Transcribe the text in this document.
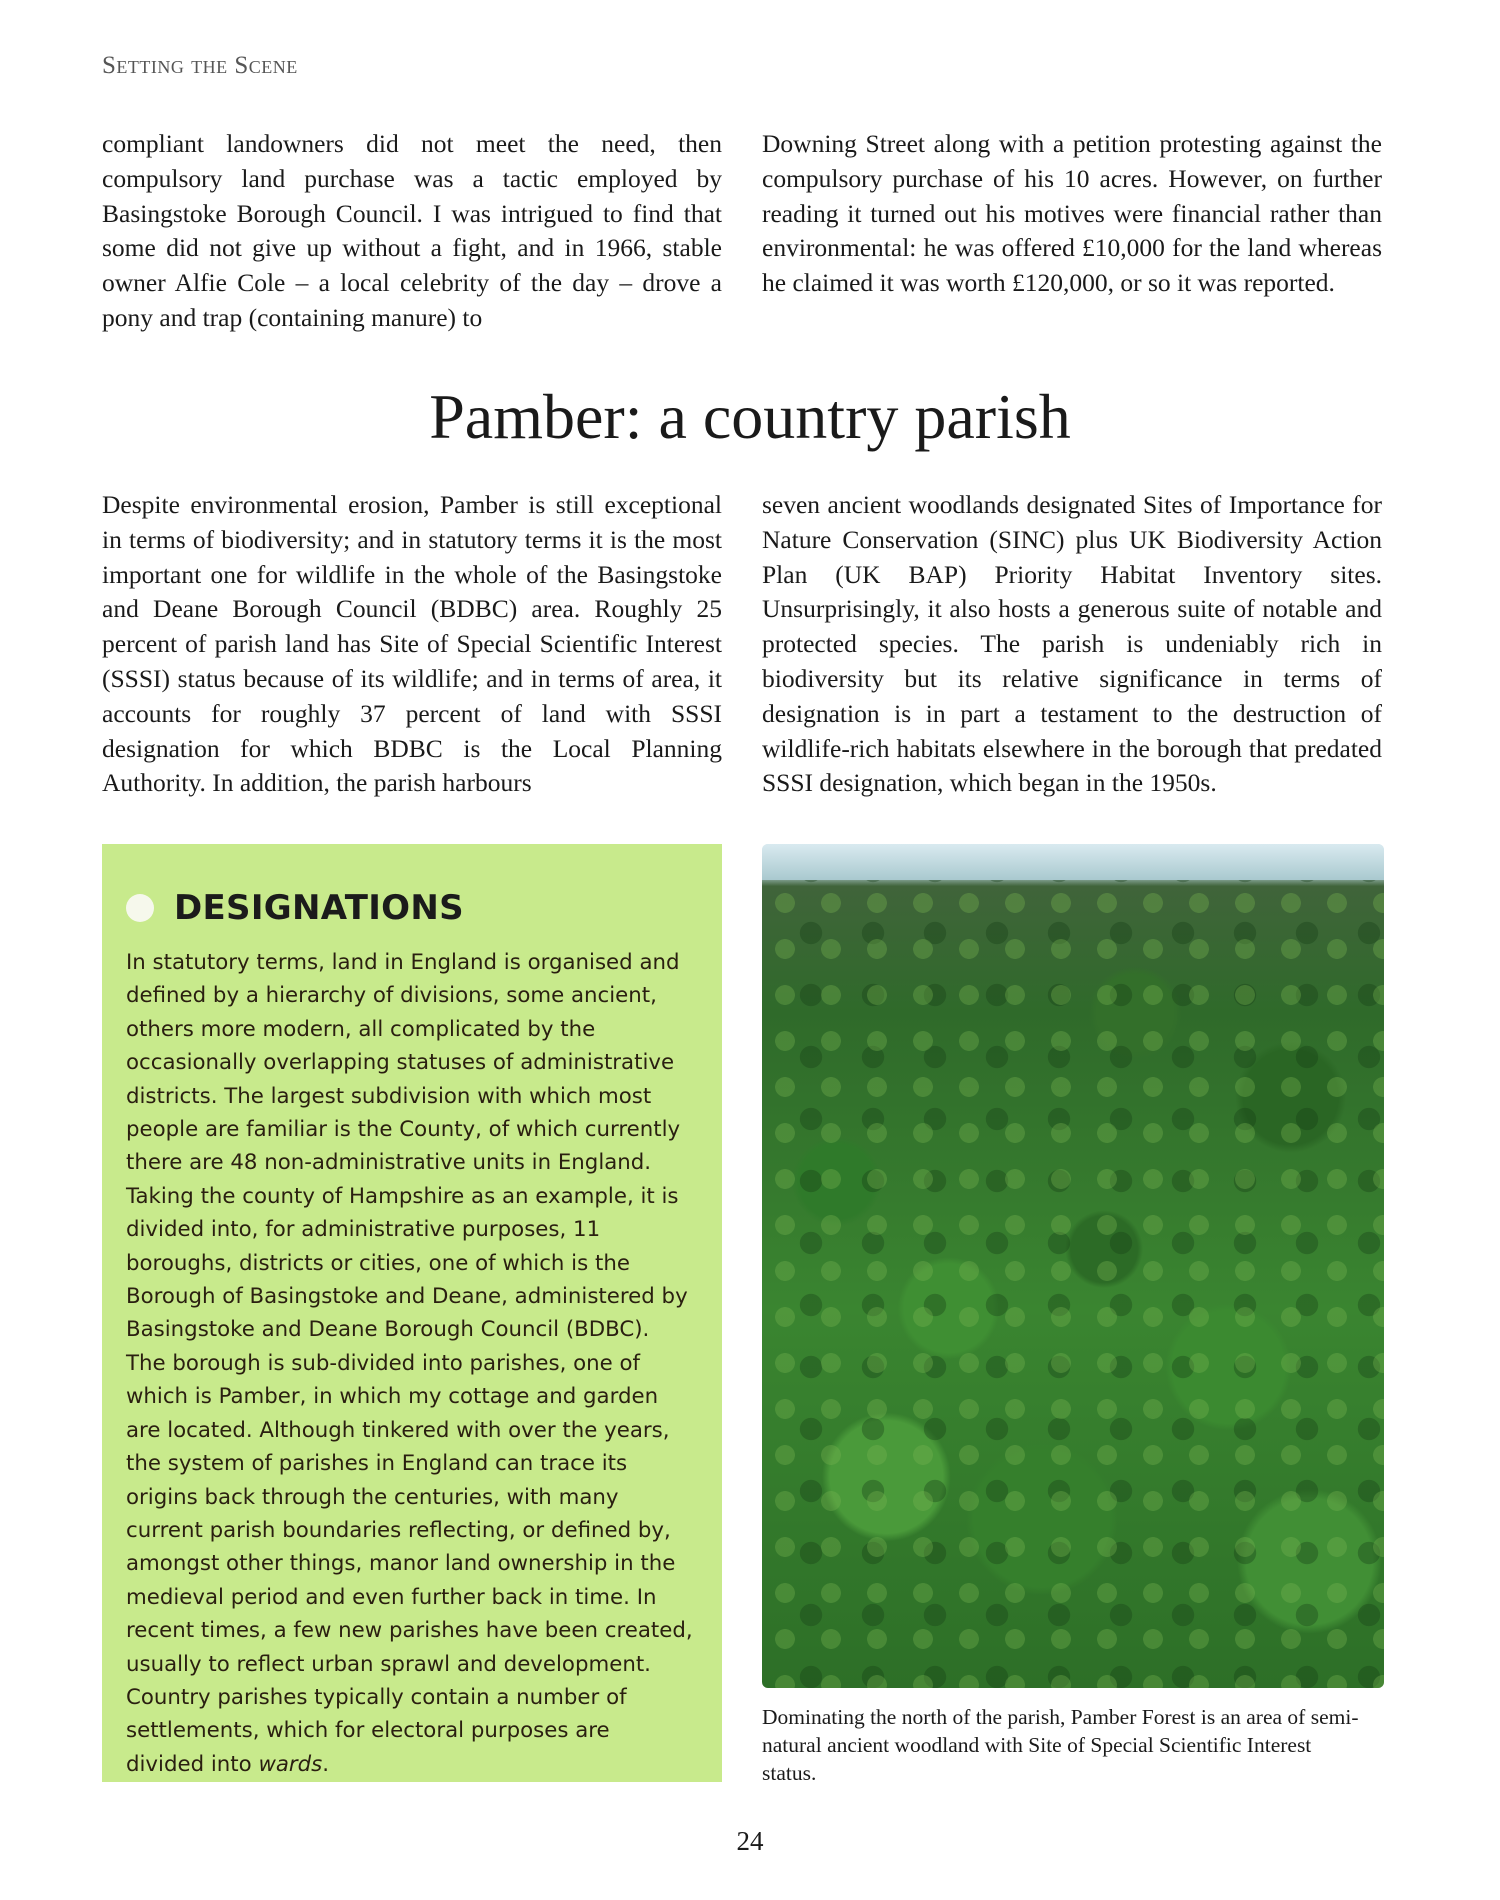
Setting the Scene

compliant landowners did not meet the need, then compulsory land purchase was a tactic employed by Basingstoke Borough Council. I was intrigued to find that some did not give up without a fight, and in 1966, stable owner Alfie Cole – a local celebrity of the day – drove a pony and trap (containing manure) to

Downing Street along with a petition protesting against the compulsory purchase of his 10 acres. However, on further reading it turned out his motives were financial rather than environmental: he was offered £10,000 for the land whereas he claimed it was worth £120,000, or so it was reported.

Pamber: a country parish

Despite environmental erosion, Pamber is still exceptional in terms of biodiversity; and in statutory terms it is the most important one for wildlife in the whole of the Basingstoke and Deane Borough Council (BDBC) area. Roughly 25 percent of parish land has Site of Special Scientific Interest (SSSI) status because of its wildlife; and in terms of area, it accounts for roughly 37 percent of land with SSSI designation for which BDBC is the Local Planning Authority. In addition, the parish harbours

seven ancient woodlands designated Sites of Importance for Nature Conservation (SINC) plus UK Biodiversity Action Plan (UK BAP) Priority Habitat Inventory sites. Unsurprisingly, it also hosts a generous suite of notable and protected species. The parish is undeniably rich in biodiversity but its relative significance in terms of designation is in part a testament to the destruction of wildlife-rich habitats elsewhere in the borough that predated SSSI designation, which began in the 1950s.

DESIGNATIONS

In statutory terms, land in England is organised and defined by a hierarchy of divisions, some ancient, others more modern, all complicated by the occasionally overlapping statuses of administrative districts. The largest subdivision with which most people are familiar is the County, of which currently there are 48 non-administrative units in England. Taking the county of Hampshire as an example, it is divided into, for administrative purposes, 11 boroughs, districts or cities, one of which is the Borough of Basingstoke and Deane, administered by Basingstoke and Deane Borough Council (BDBC). The borough is sub-divided into parishes, one of which is Pamber, in which my cottage and garden are located. Although tinkered with over the years, the system of parishes in England can trace its origins back through the centuries, with many current parish boundaries reflecting, or defined by, amongst other things, manor land ownership in the medieval period and even further back in time. In recent times, a few new parishes have been created, usually to reflect urban sprawl and development. Country parishes typically contain a number of settlements, which for electoral purposes are divided into wards.

Dominating the north of the parish, Pamber Forest is an area of semi-natural ancient woodland with Site of Special Scientific Interest status.

24
